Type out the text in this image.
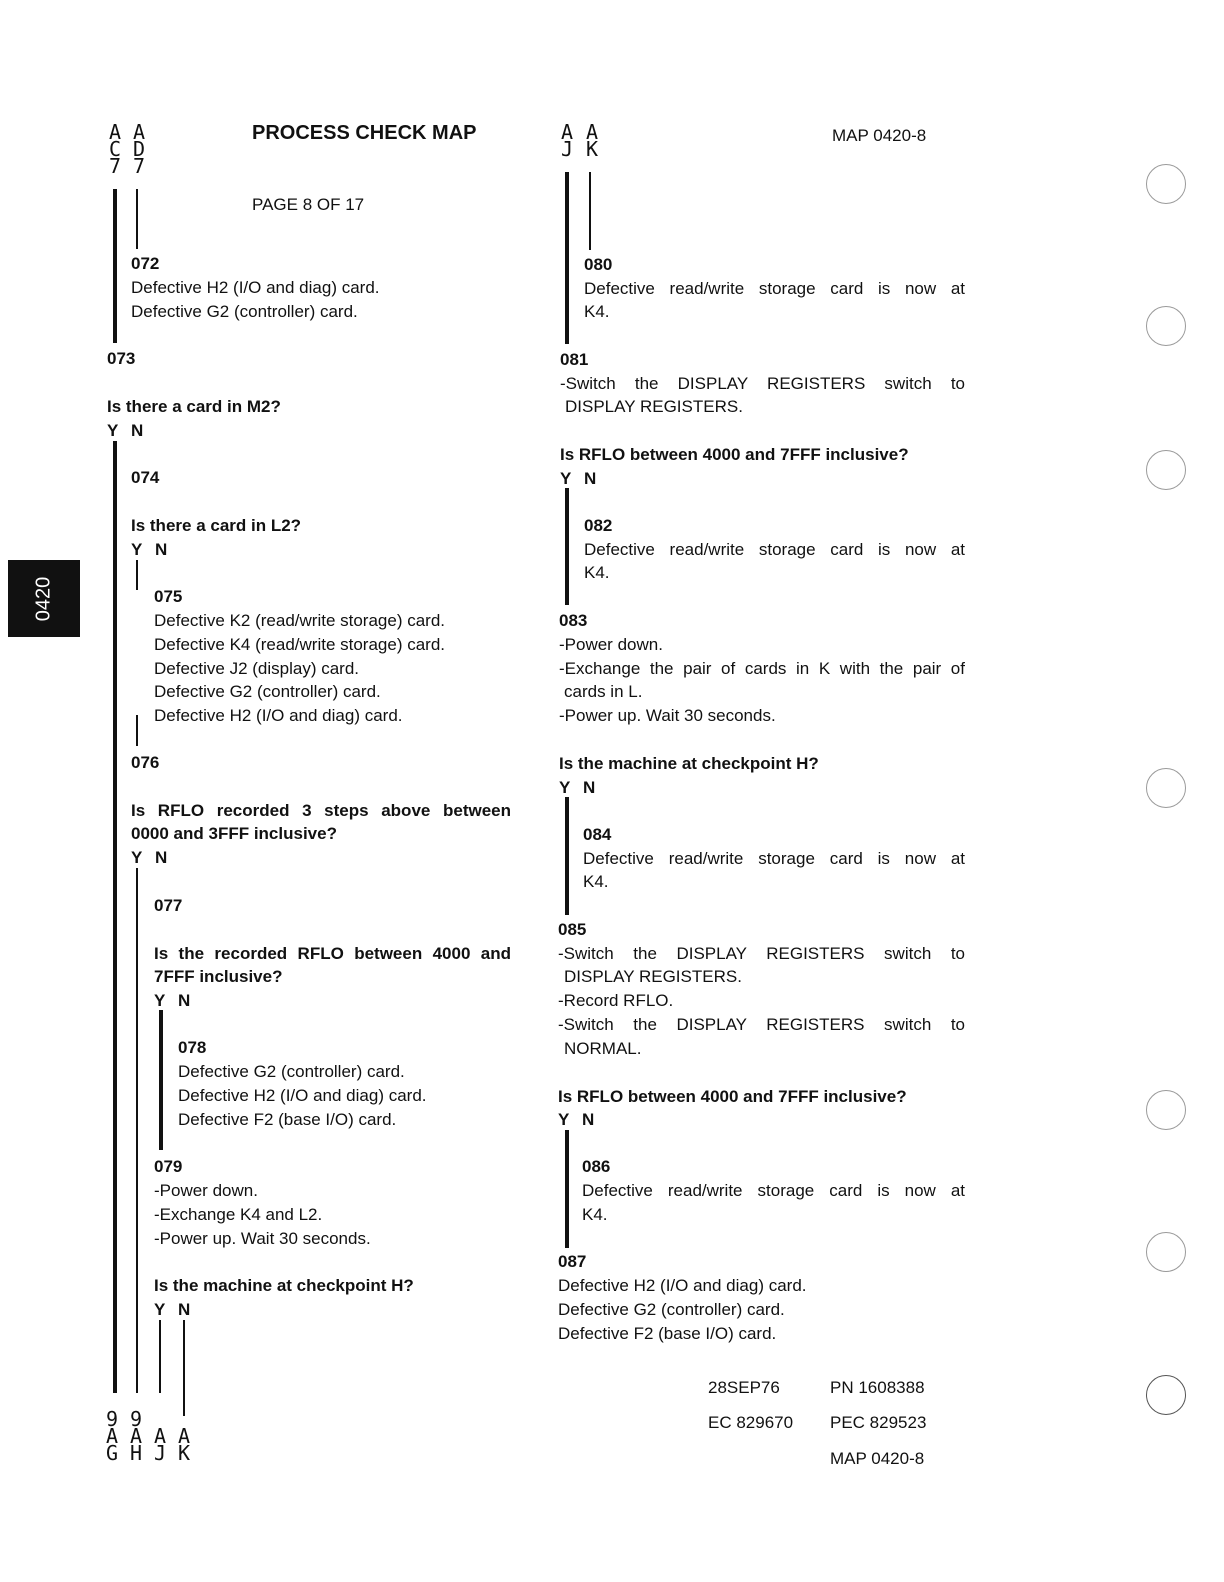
PROCESS CHECK MAP
PAGE 8 OF 17
MAP 0420-8
A
C
7
A
D
7
A
J
A
K
072
Defective H2 (I/O and diag) card.
Defective G2 (controller) card.
073
Is there a card in M2?
Y N
074
Is there a card in L2?
Y N
075
Defective K2 (read/write storage) card.
Defective K4 (read/write storage) card.
Defective J2 (display) card.
Defective G2 (controller) card.
Defective H2 (I/O and diag) card.
076
Is RFLO recorded 3 steps above between
0000 and 3FFF inclusive?
Y N
077
Is the recorded RFLO between 4000 and
7FFF inclusive?
Y N
078
Defective G2 (controller) card.
Defective H2 (I/O and diag) card.
Defective F2 (base I/O) card.
079
-Power down.
-Exchange K4 and L2.
-Power up. Wait 30 seconds.
Is the machine at checkpoint H?
Y N
9
A
G
9
A
H
A
J
A
K
080
Defective read/write storage card is now at
K4.
081
-Switch the DISPLAY REGISTERS switch to
DISPLAY REGISTERS.
Is RFLO between 4000 and 7FFF inclusive?
Y N
082
Defective read/write storage card is now at
K4.
083
-Power down.
-Exchange the pair of cards in K with the pair of
cards in L.
-Power up. Wait 30 seconds.
Is the machine at checkpoint H?
Y N
084
Defective read/write storage card is now at
K4.
085
-Switch the DISPLAY REGISTERS switch to
DISPLAY REGISTERS.
-Record RFLO.
-Switch the DISPLAY REGISTERS switch to
NORMAL.
Is RFLO between 4000 and 7FFF inclusive?
Y N
086
Defective read/write storage card is now at
K4.
087
Defective H2 (I/O and diag) card.
Defective G2 (controller) card.
Defective F2 (base I/O) card.
28SEP76	PN 1608388
EC 829670 PEC 829523
MAP 0420-8
0420
